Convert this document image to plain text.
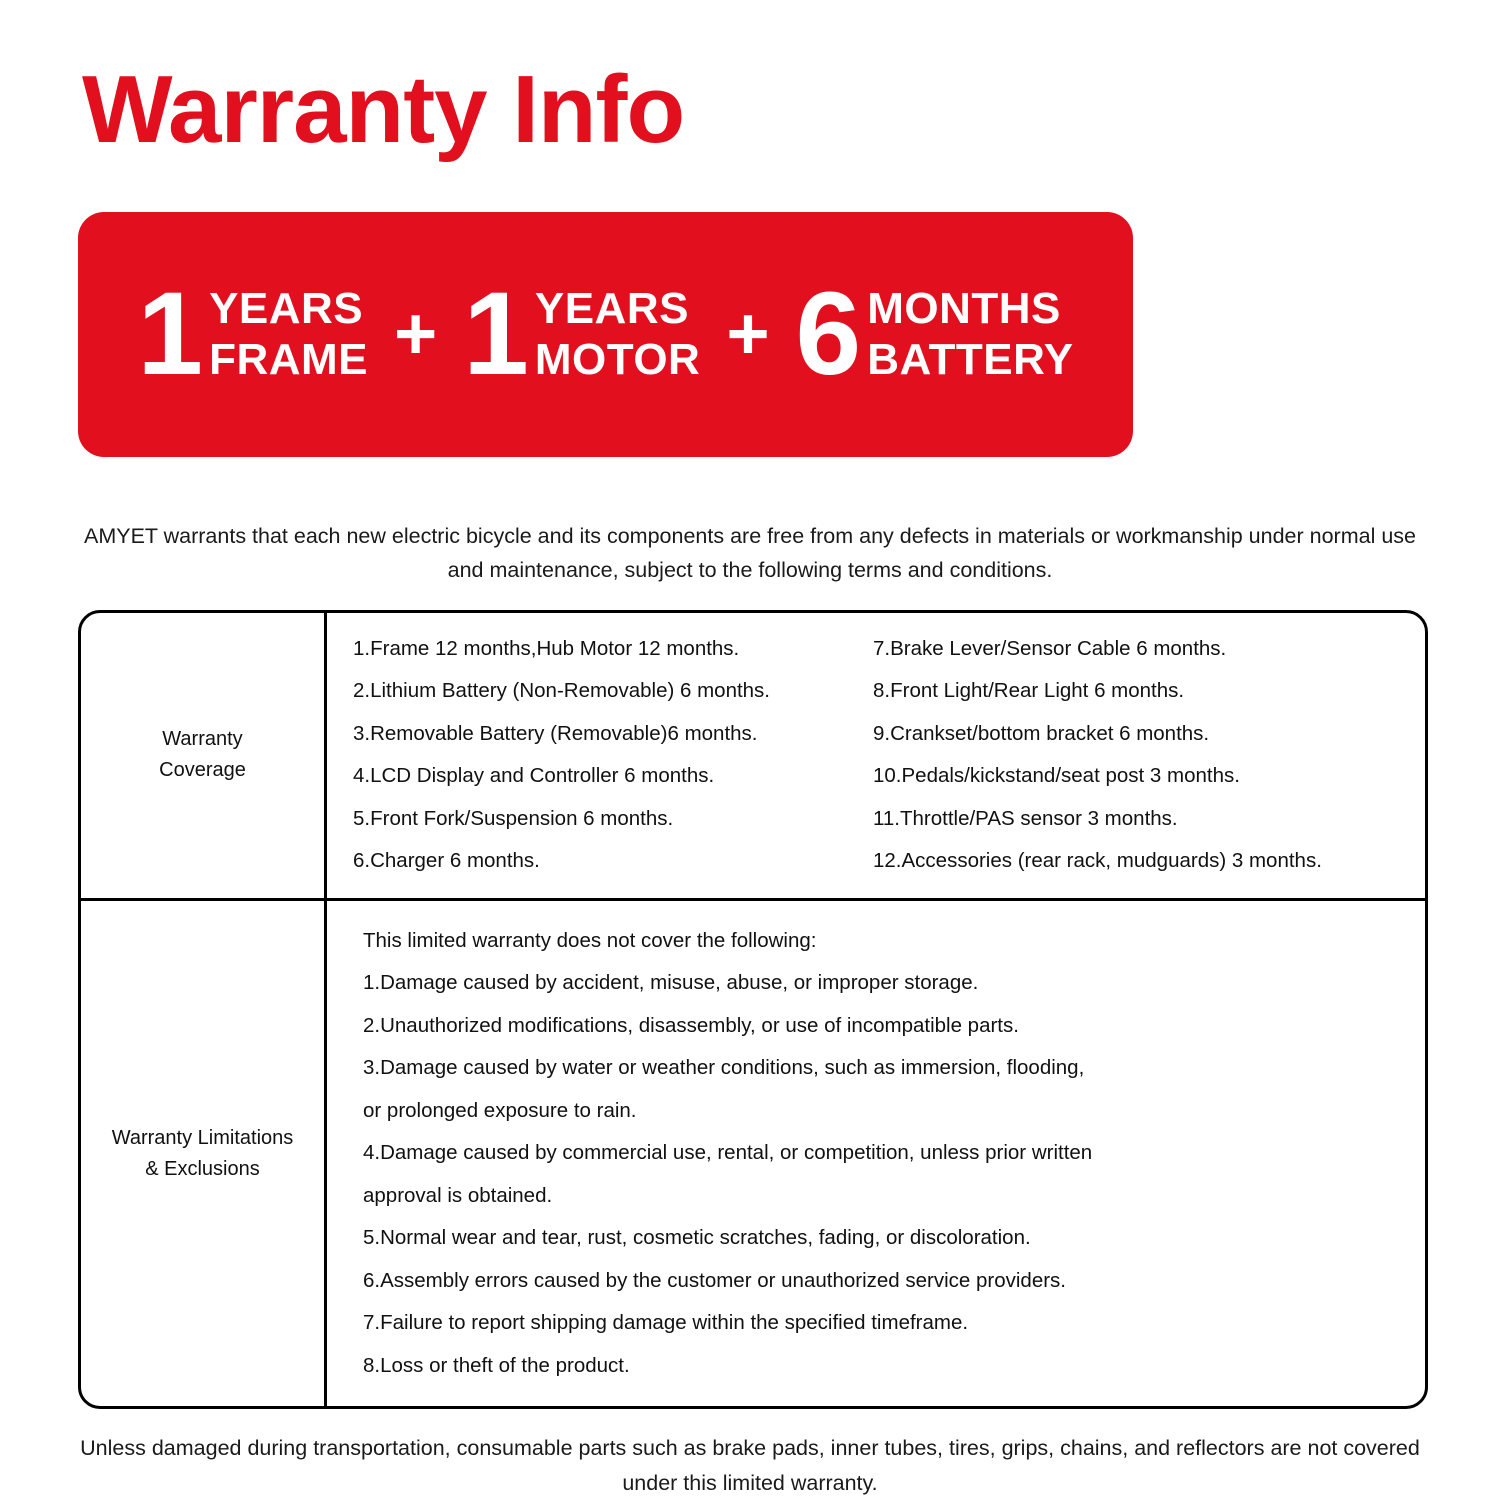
Warranty Info
1 YEARS
FRAME + 1 YEARS
MOTOR + 6 MONTHS
BATTERY

AMYET warrants that each new electric bicycle and its components are free from any defects in materials or workmanship under normal use and maintenance, subject to the following terms and conditions.

Warranty
Coverage
1.Frame 12 months,Hub Motor 12 months.
2.Lithium Battery (Non-Removable) 6 months.
3.Removable Battery (Removable)6 months.
4.LCD Display and Controller 6 months.
5.Front Fork/Suspension 6 months.
6.Charger 6 months.
7.Brake Lever/Sensor Cable 6 months.
8.Front Light/Rear Light 6 months.
9.Crankset/bottom bracket 6 months.
10.Pedals/kickstand/seat post 3 months.
11.Throttle/PAS sensor 3 months.
12.Accessories (rear rack, mudguards) 3 months.
Warranty Limitations
& Exclusions
This limited warranty does not cover the following:
1.Damage caused by accident, misuse, abuse, or improper storage.
2.Unauthorized modifications, disassembly, or use of incompatible parts.
3.Damage caused by water or weather conditions, such as immersion, flooding,
or prolonged exposure to rain.
4.Damage caused by commercial use, rental, or competition, unless prior written
approval is obtained.
5.Normal wear and tear, rust, cosmetic scratches, fading, or discoloration.
6.Assembly errors caused by the customer or unauthorized service providers.
7.Failure to report shipping damage within the specified timeframe.
8.Loss or theft of the product.

Unless damaged during transportation, consumable parts such as brake pads, inner tubes, tires, grips, chains, and reflectors are not covered under this limited warranty.
